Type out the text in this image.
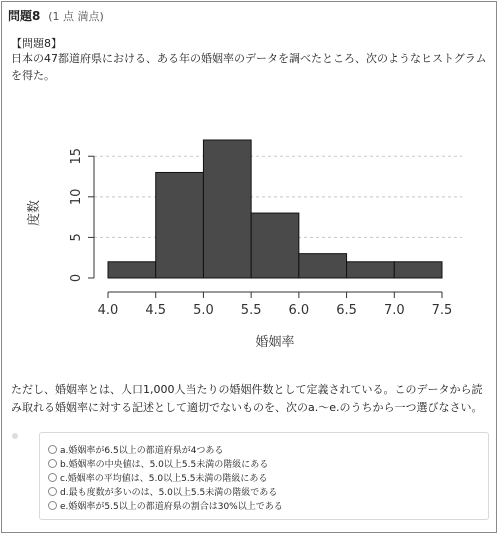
問題8 (1 点 満点)
【問題8】
日本の47都道府県における、ある年の婚姻率のデータを調べたところ、次のようなヒストグラムを得た。
0
5
10
15
4.0 4.5 5.0 5.5 6.0 6.5 7.0 7.5
度数
婚姻率
ただし、婚姻率とは、人口1,000人当たりの婚姻件数として定義されている。このデータから読み取れる婚姻率に対する記述として適切でないものを、次のa.〜e.のうちから一つ選びなさい。
a.婚姻率が6.5以上の都道府県が4つある
b.婚姻率の中央値は、5.0以上5.5未満の階級にある
c.婚姻率の平均値は、5.0以上5.5未満の階級にある
d.最も度数が多いのは、5.0以上5.5未満の階級である
e.婚姻率が5.5以上の都道府県の割合は30%以上である
